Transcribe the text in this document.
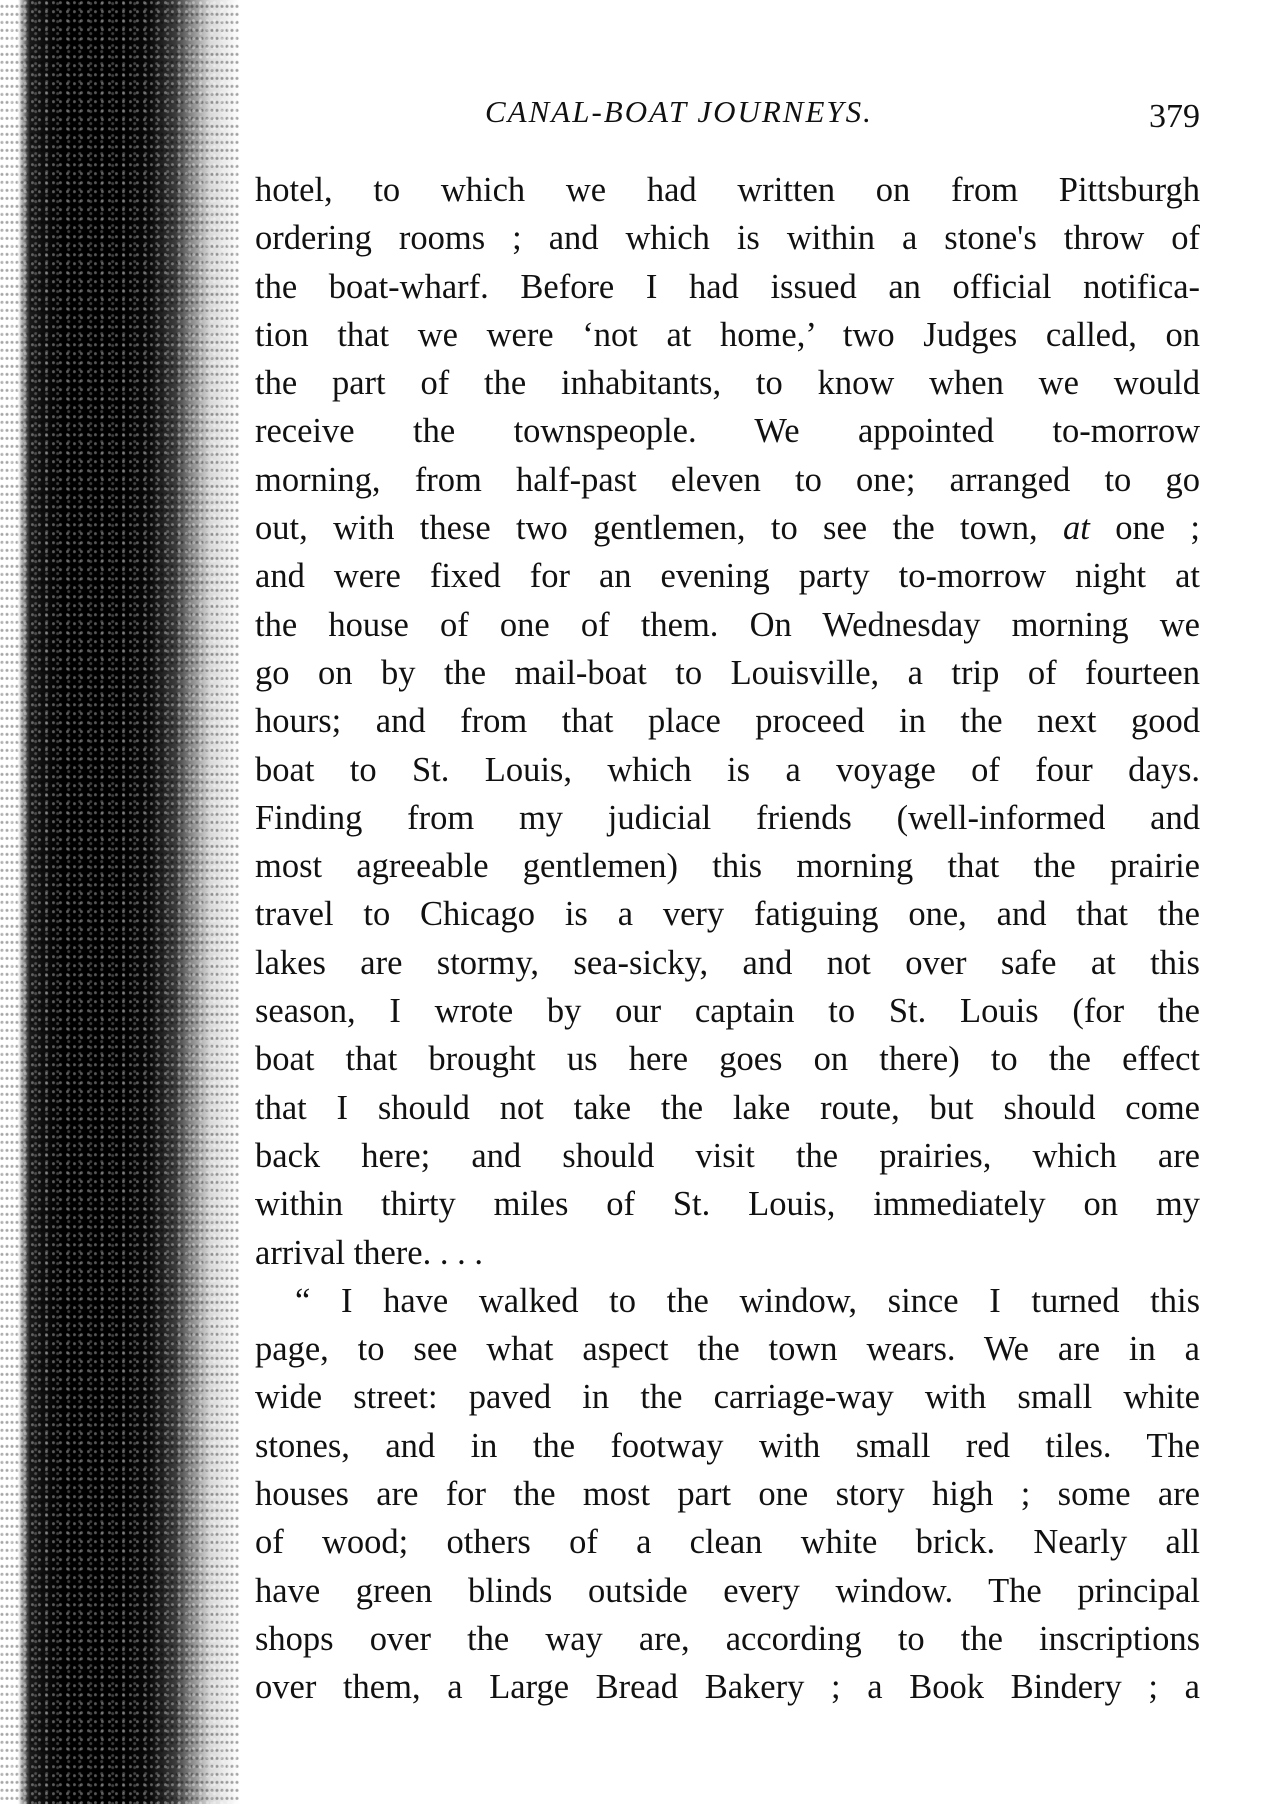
CANAL-BOAT JOURNEYS.	379
hotel, to which we had written on from Pittsburgh
ordering rooms ; and which is within a stone's throw of
the boat-wharf. Before I had issued an official notifica-
tion that we were ‘not at home,’ two Judges called, on
the part of the inhabitants, to know when we would
receive the townspeople. We appointed to-morrow
morning, from half-past eleven to one; arranged to go
out, with these two gentlemen, to see the town, at one ;
and were fixed for an evening party to-morrow night at
the house of one of them. On Wednesday morning we
go on by the mail-boat to Louisville, a trip of fourteen
hours; and from that place proceed in the next good
boat to St. Louis, which is a voyage of four days.
Finding from my judicial friends (well-informed and
most agreeable gentlemen) this morning that the prairie
travel to Chicago is a very fatiguing one, and that the
lakes are stormy, sea-sicky, and not over safe at this
season, I wrote by our captain to St. Louis (for the
boat that brought us here goes on there) to the effect
that I should not take the lake route, but should come
back here; and should visit the prairies, which are
within thirty miles of St. Louis, immediately on my
arrival there. . . .
“ I have walked to the window, since I turned this
page, to see what aspect the town wears. We are in a
wide street: paved in the carriage-way with small white
stones, and in the footway with small red tiles. The
houses are for the most part one story high ; some are
of wood; others of a clean white brick. Nearly all
have green blinds outside every window. The principal
shops over the way are, according to the inscriptions
over them, a Large Bread Bakery ; a Book Bindery ; a
